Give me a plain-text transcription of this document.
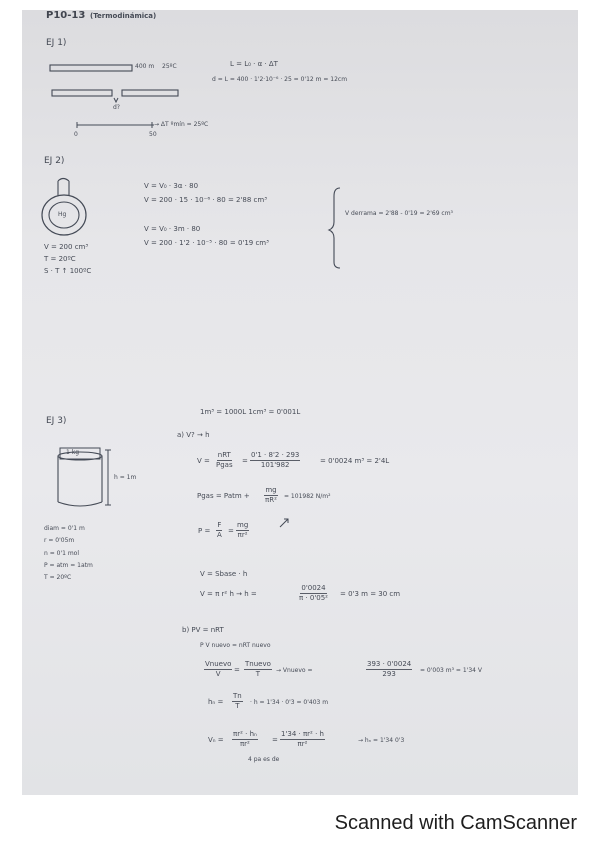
P10-13 (Termodinámica)
EJ 1)
400 m 25ºC	L = L₀ · α · ΔT
d = L = 400 · 1'2·10⁻⁶ · 25 = 0'12 m = 12cm
d?
→ ΔT ºmín = 25ºC
0	50
EJ 2)
Hg
V = V₀ · 3α · 80
V = 200 · 15 · 10⁻⁶ · 80 = 2'88 cm³
V = V₀ · 3m · 80
V = 200 · 1'2 · 10⁻⁵ · 80 = 0'19 cm³
V derrama = 2'88 - 0'19 = 2'69 cm³
V = 200 cm³
T = 20ºC
S · T ↑ 100ºC
EJ 3)
1m³ = 1000L 1cm³ = 0'001L
a) V? → h
V =
nRT
Pgas = $\frac{0'1 \cdot 8'2 \cdot 293}{101'982}$	= 0'0024 m³ = 2'4L
Pgas = Patm + $\frac{mg}{\text{πR²}} = 101982$ N/m²
$P = \frac{F}{A} = \frac{mg}{\text{πr²}}$
1 kg
h = 1m
diam = 0'1 m
r = 0'05m
n = 0'1 mol
P = atm = 1atm
T = 20ºC	V = Sbase · h
V = π r² h → h =	$\frac{0'0024}{\text{π · 0'05²}} = 0'3$ m = 30 cm
b) PV = nRT
P V nuevo = nRT nuevo
Vnuevo
V =
Tnuevo
T	→ Vnuevo =	$\frac{393 \cdot 0'0024}{293} = 0'003$ m³ = 1'34 V
$h_n = \frac{Tn}{T} \cdot h = 1'34 \cdot 0'3 = 0'403$ m
$V_n = \frac{\text{πr² · hₙ}}{\text{πr²}} = \frac{\text{1'34 · πr² · h}}{\text{πr²}}$	→ hₙ = 1'34 0'3
4 pa es de
Scanned with CamScanner
